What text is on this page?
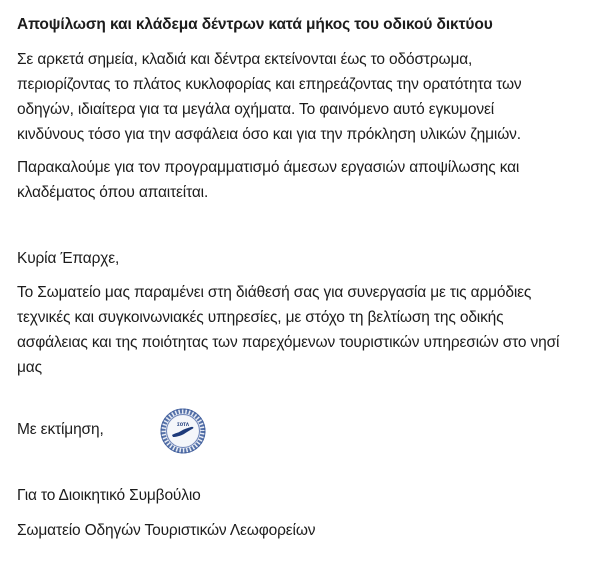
Αποψίλωση και κλάδεμα δέντρων κατά μήκος του οδικού δικτύου
Σε αρκετά σημεία, κλαδιά και δέντρα εκτείνονται έως το οδόστρωμα,
περιορίζοντας το πλάτος κυκλοφορίας και επηρεάζοντας την ορατότητα των
οδηγών, ιδιαίτερα για τα μεγάλα οχήματα. Το φαινόμενο αυτό εγκυμονεί
κινδύνους τόσο για την ασφάλεια όσο και για την πρόκληση υλικών ζημιών.
Παρακαλούμε για τον προγραμματισμό άμεσων εργασιών αποψίλωσης και
κλαδέματος όπου απαιτείται.
Κυρία Έπαρχε,
Το Σωματείο μας παραμένει στη διάθεσή σας για συνεργασία με τις αρμόδιες
τεχνικές και συγκοινωνιακές υπηρεσίες, με στόχο τη βελτίωση της οδικής
ασφάλειας και της ποιότητας των παρεχόμενων τουριστικών υπηρεσιών στο νησί
μας
Με εκτίμηση,	ΣΟΤΛ
Για το Διοικητικό Συμβούλιο
Σωματείο Οδηγών Τουριστικών Λεωφορείων
